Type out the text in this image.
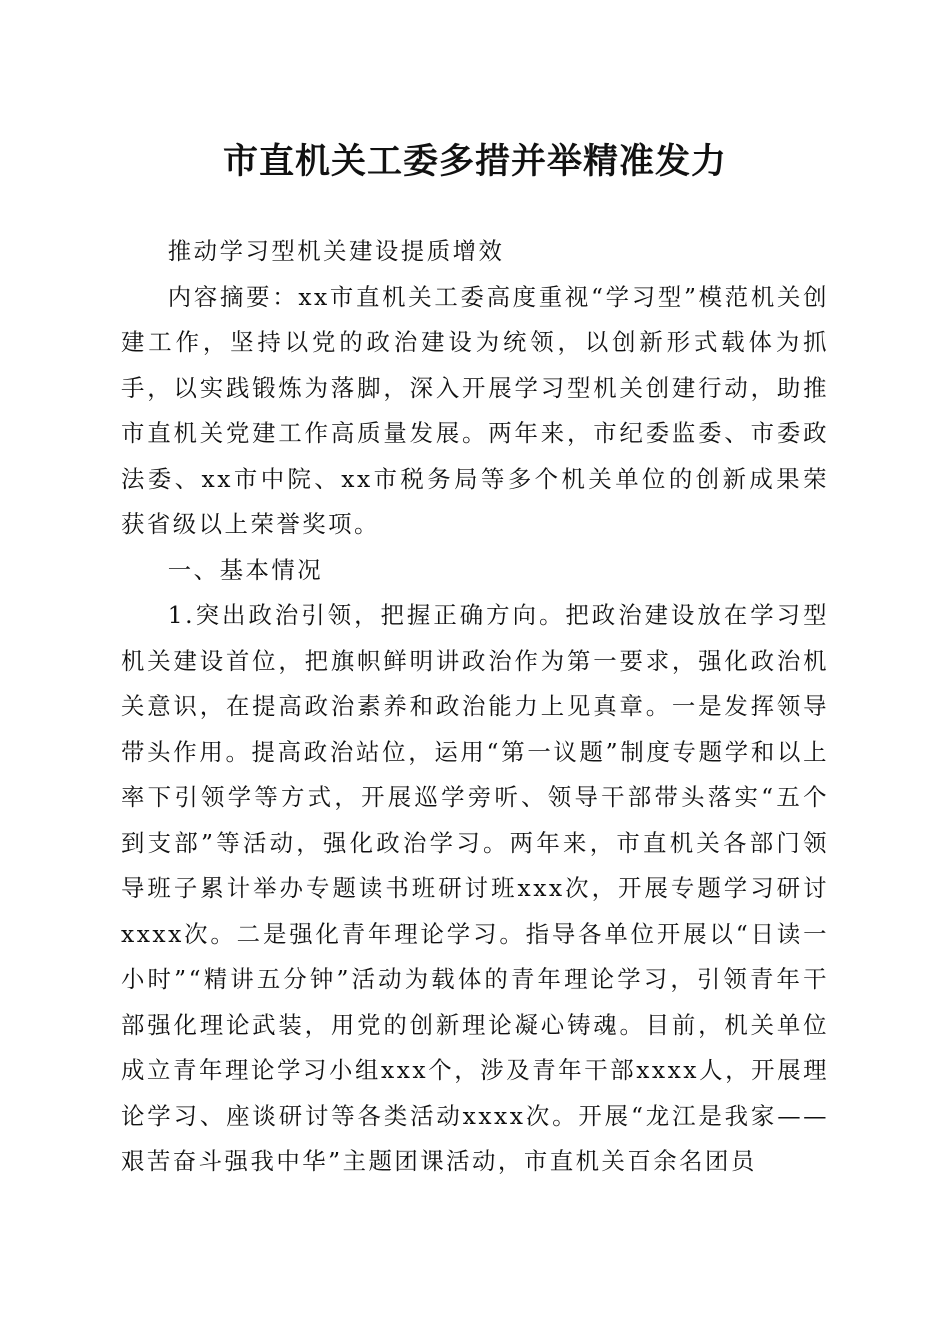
市直机关工委多措并举精准发力

推动学习型机关建设提质增效

内容摘要：xx市直机关工委高度重视“学习型”模范机关创建工作，坚持以党的政治建设为统领，以创新形式载体为抓手，以实践锻炼为落脚，深入开展学习型机关创建行动，助推市直机关党建工作高质量发展。两年来，市纪委监委、市委政法委、xx市中院、xx市税务局等多个机关单位的创新成果荣获省级以上荣誉奖项。

一、基本情况

1.突出政治引领，把握正确方向。把政治建设放在学习型机关建设首位，把旗帜鲜明讲政治作为第一要求，强化政治机关意识，在提高政治素养和政治能力上见真章。一是发挥领导带头作用。提高政治站位，运用“第一议题”制度专题学和以上率下引领学等方式，开展巡学旁听、领导干部带头落实“五个到支部”等活动，强化政治学习。两年来，市直机关各部门领导班子累计举办专题读书班研讨班xxx次，开展专题学习研讨xxxx次。二是强化青年理论学习。指导各单位开展以“日读一小时”“精讲五分钟”活动为载体的青年理论学习，引领青年干部强化理论武装，用党的创新理论凝心铸魂。目前，机关单位成立青年理论学习小组xxx个，涉及青年干部xxxx人，开展理论学习、座谈研讨等各类活动xxxx次。开展“龙江是我家——艰苦奋斗强我中华”主题团课活动，市直机关百余名团员
